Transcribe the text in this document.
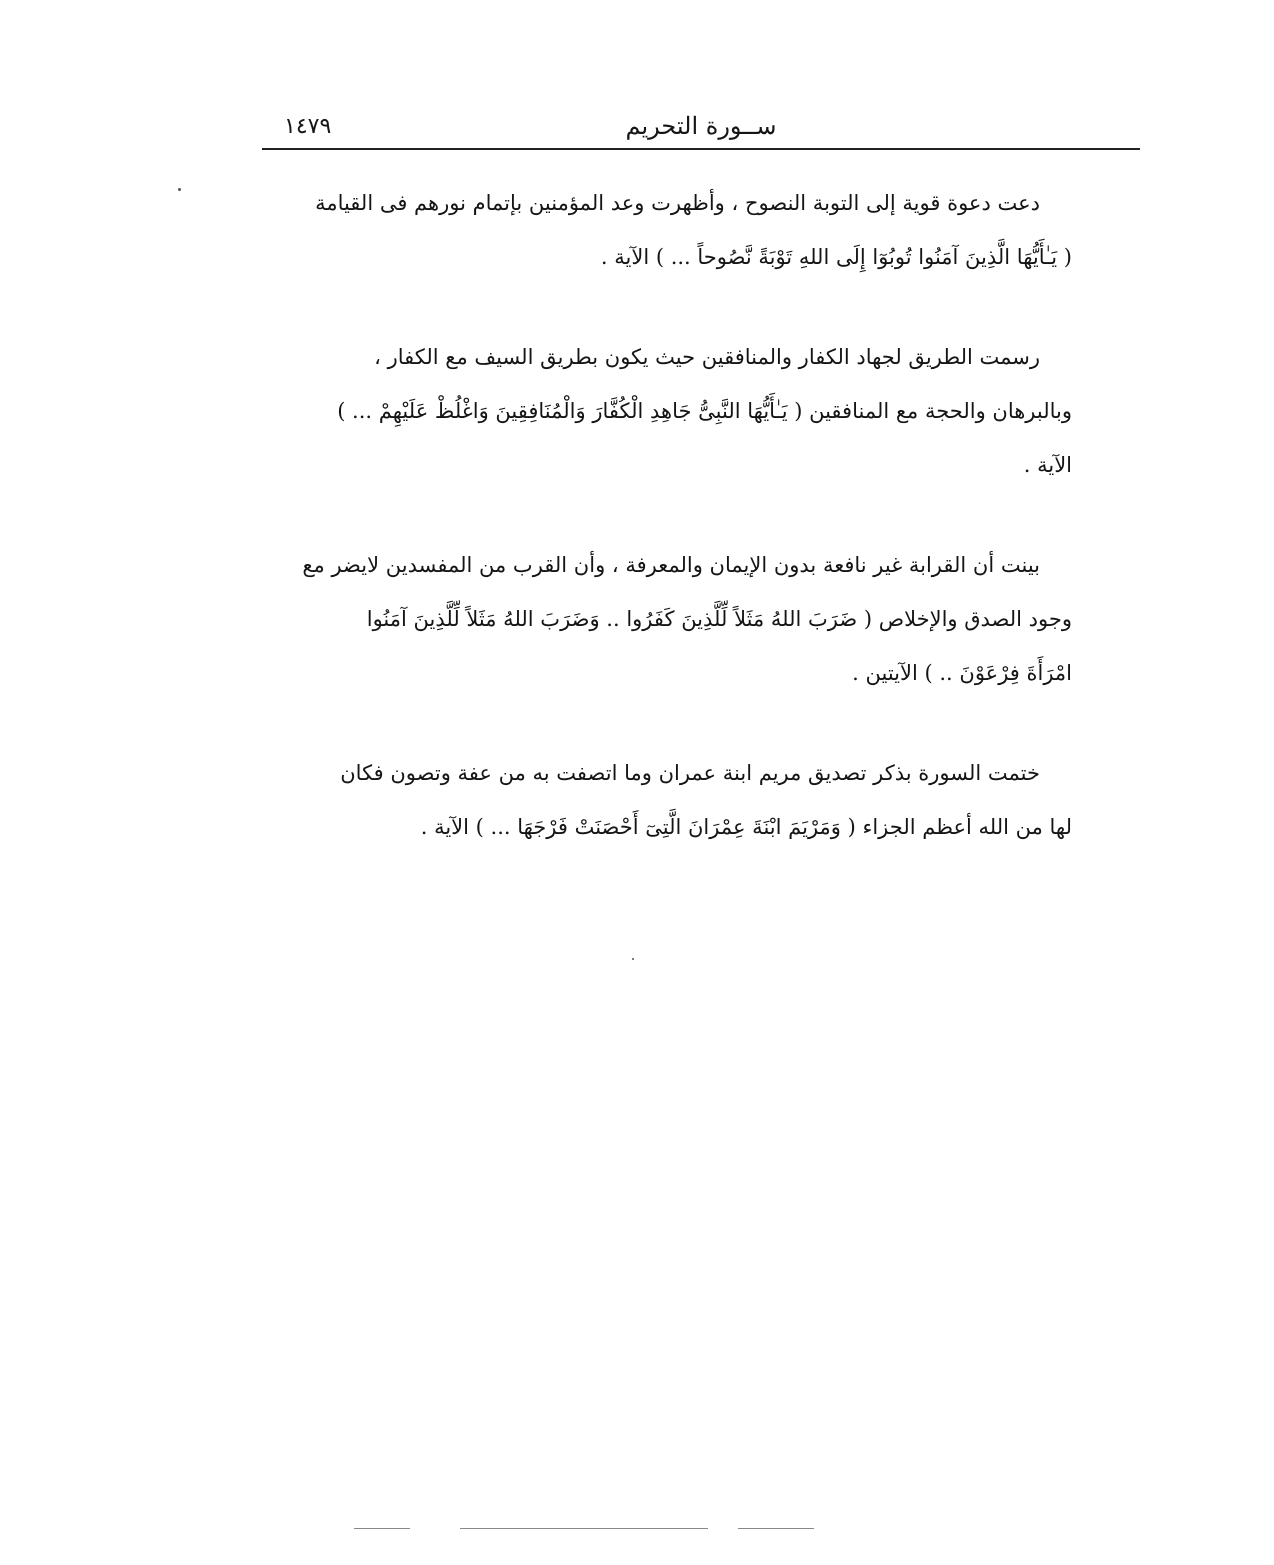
١٤٧٩	ســورة التحريم

دعت دعوة قوية إلى التوبة النصوح ، وأظهرت وعد المؤمنين بإتمام نورهم فى القيامة
( يَـٰأَيُّهَا الَّذِينَ آمَنُوا تُوبُوٓا إِلَى اللهِ تَوْبَةً نَّصُوحاً ... ) الآية .

رسمت الطريق لجهاد الكفار والمنافقين حيث يكون بطريق السيف مع الكفار ،
وبالبرهان والحجة مع المنافقين ( يَـٰأَيُّهَا النَّبِىُّ جَاهِدِ الْكُفَّارَ وَالْمُنَافِقِينَ وَاغْلُظْ عَلَيْهِمْ ... )
الآية .

بينت أن القرابة غير نافعة بدون الإيمان والمعرفة ، وأن القرب من المفسدين لايضر مع
وجود الصدق والإخلاص ( ضَرَبَ اللهُ مَثَلاً لِّلَّذِينَ كَفَرُوا .. وَضَرَبَ اللهُ مَثَلاً لِّلَّذِينَ آمَنُوا
امْرَأَةَ فِرْعَوْنَ .. ) الآيتين .

ختمت السورة بذكر تصديق مريم ابنة عمران وما اتصفت به من عفة وتصون فكان
لها من الله أعظم الجزاء ( وَمَرْيَمَ ابْنَةَ عِمْرَانَ الَّتِىٓ أَحْصَنَتْ فَرْجَهَا ... ) الآية .
